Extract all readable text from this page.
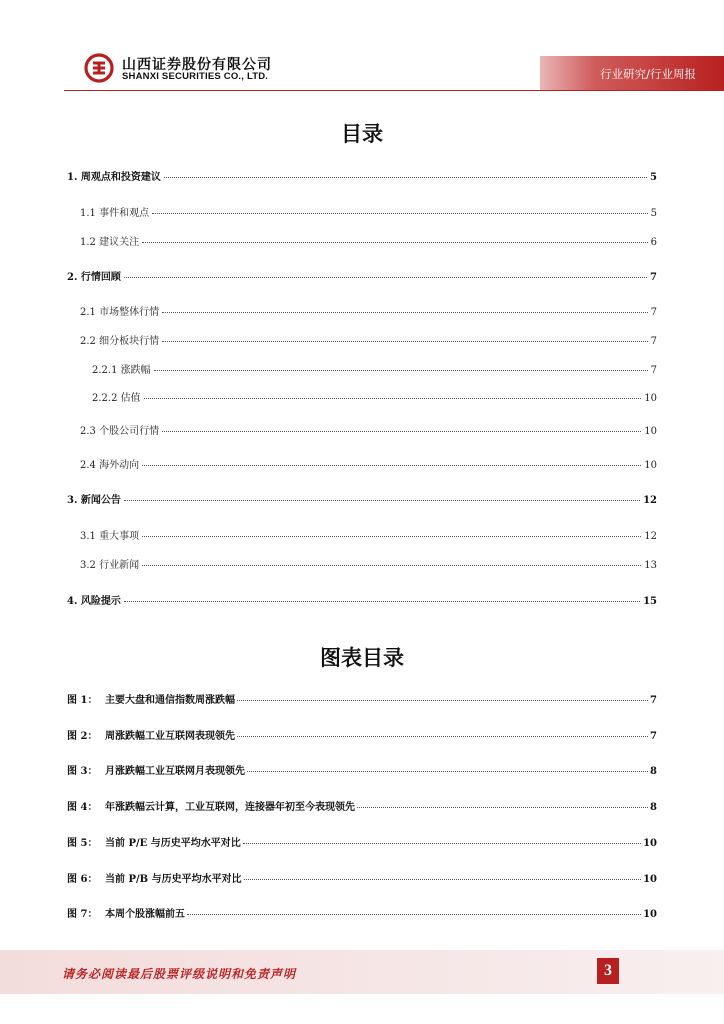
山西证券股份有限公司
SHANXI SECURITIES CO., LTD.	行业研究/行业周报
目录
1. 周观点和投资建议	5
1.1 事件和观点	5
1.2 建议关注	6
2. 行情回顾	7
2.1 市场整体行情	7
2.2 细分板块行情	7
2.2.1 涨跌幅	7
2.2.2 估值	10
2.3 个股公司行情	10
2.4 海外动向	10
3. 新闻公告	12
3.1 重大事项	12
3.2 行业新闻	13
4. 风险提示	15
图表目录
图 1： 主要大盘和通信指数周涨跌幅	7
图 2： 周涨跌幅工业互联网表现领先	7
图 3： 月涨跌幅工业互联网月表现领先	8
图 4： 年涨跌幅云计算，工业互联网，连接器年初至今表现领先	8
图 5： 当前 P/E 与历史平均水平对比	10
图 6： 当前 P/B 与历史平均水平对比	10
图 7： 本周个股涨幅前五	10
请务必阅读最后股票评级说明和免责声明	3
